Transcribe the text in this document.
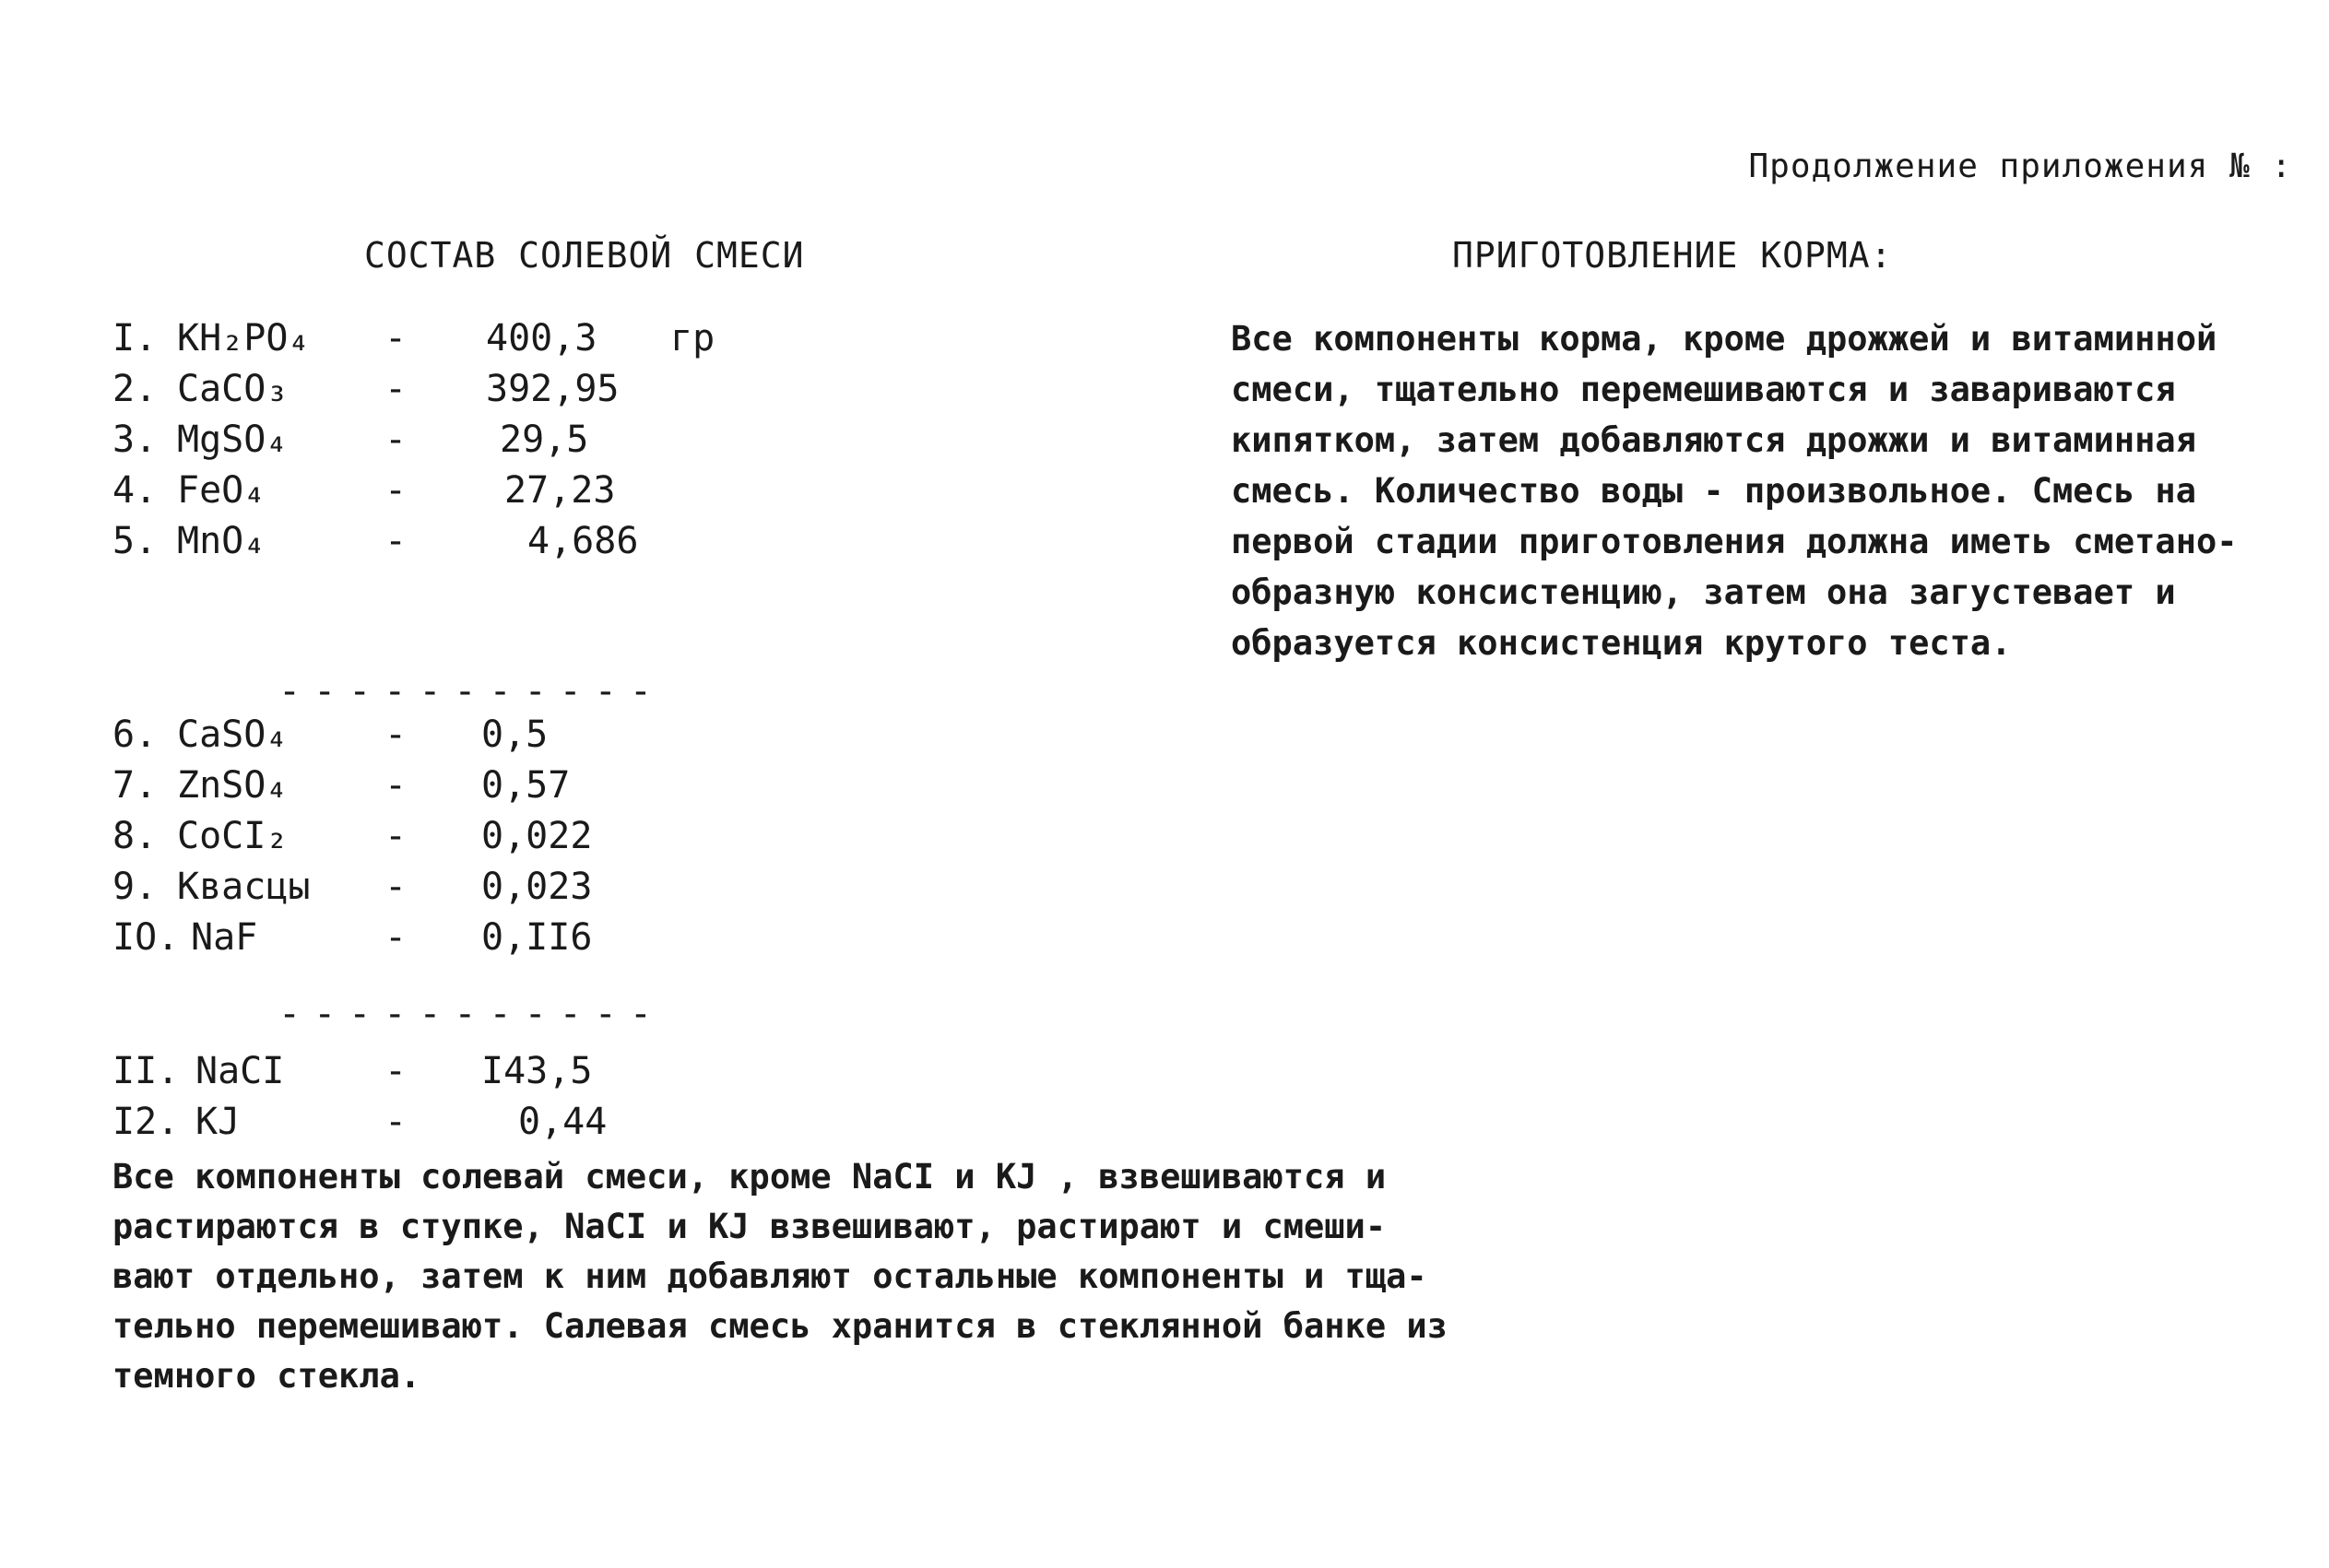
Продолжение приложения № :
СОСТАВ СОЛЕВОЙ СМЕСИ	ПРИГОТОВЛЕНИЕ КОРМА:
I. KH₂PO₄ - 400,3 гр
2. CaCO₃	- 392,95
3. MgSO₄	-	29,5
4. FeO₄	-	27,23
5. MnO₄	-	4,686
-----------
6. CaSO₄	- 0,5
7. ZnSO₄	- 0,57
8. CoCI₂	- 0,022
9. Квасцы - 0,023
IO. NaF	- 0,II6
-----------
II. NaCI	- I43,5
I2. KJ	-	0,44
Все компоненты солевай смеси, кроме NaCI и KJ , взвешиваются и
растираются в ступке, NaCI и KJ взвешивают, растирают и смеши-
вают отдельно, затем к ним добавляют остальные компоненты и тща-
тельно перемешивают. Салевая смесь хранится в стеклянной банке из
темного стекла.
Все компоненты корма, кроме дрожжей и витаминной
смеси, тщательно перемешиваются и завариваются
кипятком, затем добавляются дрожжи и витаминная
смесь. Количество воды - произвольное. Смесь на
первой стадии приготовления должна иметь сметано-
образную консистенцию, затем она загустевает и
образуется консистенция крутого теста.
